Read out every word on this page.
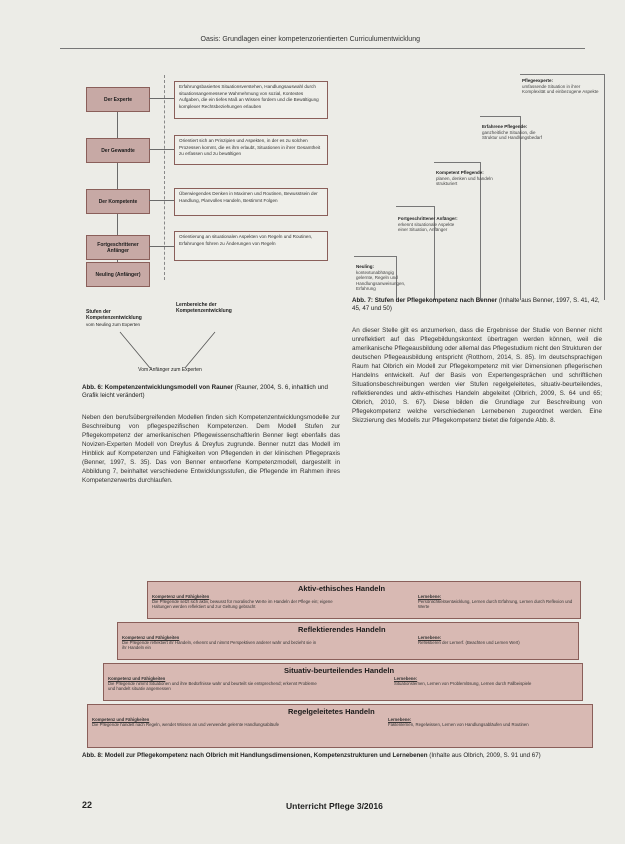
Oasis: Grundlagen einer kompetenzorientierten Curriculumentwicklung
Der Experte
Der Gewandte
Der Kompetente
Fortgeschrittener Anfänger
Neuling (Anfänger)
Erfahrungsbasiertes Situationsverstehen, Handlungsauswahl durch situationsangemessene Wahrnehmung von sozial, Kontextes Aufgaben, die ein tiefes Maß an Wissen fordern und die Bewältigung komplexer Rechtsbeziehungen erlauben
Orientiert sich an Prinzipien und Aspekten, in der es zu solchen Prozessen kommt, die es ihm erlaubt, Situationen in ihrer Gesamtheit zu erfassen und zu bewältigen
Überwiegendes Denken in Maximen und Routinen, Bewusstsein der Handlung, Planvolles Handeln, Bestimmt Folgen
Orientierung an situationalen Aspekten von Regeln und Routinen, Erfahrungen führen zu Änderungen von Regeln
Stufen der Kompetenzentwicklung
vom Neuling zum Experten
Lernbereiche der Kompetenzentwicklung
Vom Anfänger zum Experten
Abb. 6: Kompetenzentwicklungsmodell von Rauner (Rauner, 2004, S. 6, inhaltlich und Grafik leicht verändert)
Neben den berufsübergreifenden Modellen finden sich Kompetenzentwicklungsmodelle zur Beschreibung von pflegespezifischen Kompetenzen. Dem Modell Stufen zur Pflegekompetenz der amerikanischen Pflegewissenschaftlerin Benner liegt ebenfalls das Novizen-Experten Modell von Dreyfus & Dreyfus zugrunde. Benner nutzt das Modell im Hinblick auf Kompetenzen und Fähigkeiten von Pflegenden in der klinischen Pflegepraxis (Benner, 1997, S. 35). Das von Benner entworfene Kompetenzmodell, dargestellt in Abbildung 7, beinhaltet verschiedene Entwicklungsstufen, die Pflegende im Rahmen ihres Kompetenzerwerbs durchlaufen.
Pflegeexperte:
umfassende Situation in ihrer Komplexität und einbezogene Aspekte
Erfahrene Pflegende:
ganzheitliche Situation, die Struktur und Handlungsbedarf
Kompetent Pflegende:
planen, denken und handeln strukturiert
Fortgeschrittener Anfänger:
erkennt situationale Aspekte einer Situation, Anfänger
Neuling:
kontextunabhängig gelernte, Regeln und Handlungsanweisungen, Erfahrung
Abb. 7: Stufen der Pflegekompetenz nach Benner (Inhalte aus Benner, 1997, S. 41, 42, 45, 47 und 50)
An dieser Stelle gilt es anzumerken, dass die Ergebnisse der Studie von Benner nicht unreflektiert auf das Pflegebildungskontext übertragen werden können, weil die amerikanische Pflegeausbildung oder allemal das Pflegestudium nicht den Strukturen der deutschen Pflegeausbildung entspricht (Rotthorn, 2014, S. 85). Im deutschsprachigen Raum hat Olbrich ein Modell zur Pflegekompetenz mit vier Dimensionen pflegerischen Handelns entwickelt. Auf der Basis von Expertengesprächen und schriftlichen Situationsbeschreibungen werden vier Stufen regelgeleitetes, situativ-beurteilendes, reflektierendes und aktiv-ethisches Handeln abgeleitet (Olbrich, 2009, S. 64 und 65; Olbrich, 2010, S. 67). Diese bilden die Grundlage zur Beschreibung von Pflegekompetenz welche verschiedenen Lernebenen zugeordnet werden. Eine Skizzierung des Modells zur Pflegekompetenz bietet die folgende Abb. 8.
Aktiv-ethisches Handeln
Kompetenz und Fähigkeiten
Die Pflegende setzt sich aktiv, bewusst für moralische Werte im Handeln der Pflege ein; eigene Haltungen werden reflektiert und zur Geltung gebracht
Lernebene:
Persönlichkeitsentwicklung, Lernen durch Erfahrung, Lernen durch Reflexion und Werte
Reflektierendes Handeln
Kompetenz und Fähigkeiten
Die Pflegende reflektiert ihr Handeln, erkennt und nimmt Perspektiven anderer wahr und bezieht sie in ihr Handeln ein
Lernebene:
Reflektieren der Lernerf. (Beachten und Lernen Wert)
Situativ-beurteilendes Handeln
Kompetenz und Fähigkeiten
Die Pflegende nimmt Situationen und ihre Bedürfnisse wahr und beurteilt sie entsprechend; erkennt Probleme und handelt situativ angemessen
Lernebene:
Situationslernen, Lernen von Problemlösung, Lernen durch Fallbeispiele
Regelgeleitetes Handeln
Kompetenz und Fähigkeiten
Die Pflegende handelt nach Regeln, wendet Wissen an und verwendet gelernte Handlungsabläufe
Lernebene:
Faktenlernen, Regelwissen, Lernen von Handlungsabläufen und Routinen
Abb. 8: Modell zur Pflegekompetenz nach Olbrich mit Handlungsdimensionen, Kompetenzstrukturen und Lernebenen (Inhalte aus Olbrich, 2009, S. 91 und 67)
22	Unterricht Pflege 3/2016
